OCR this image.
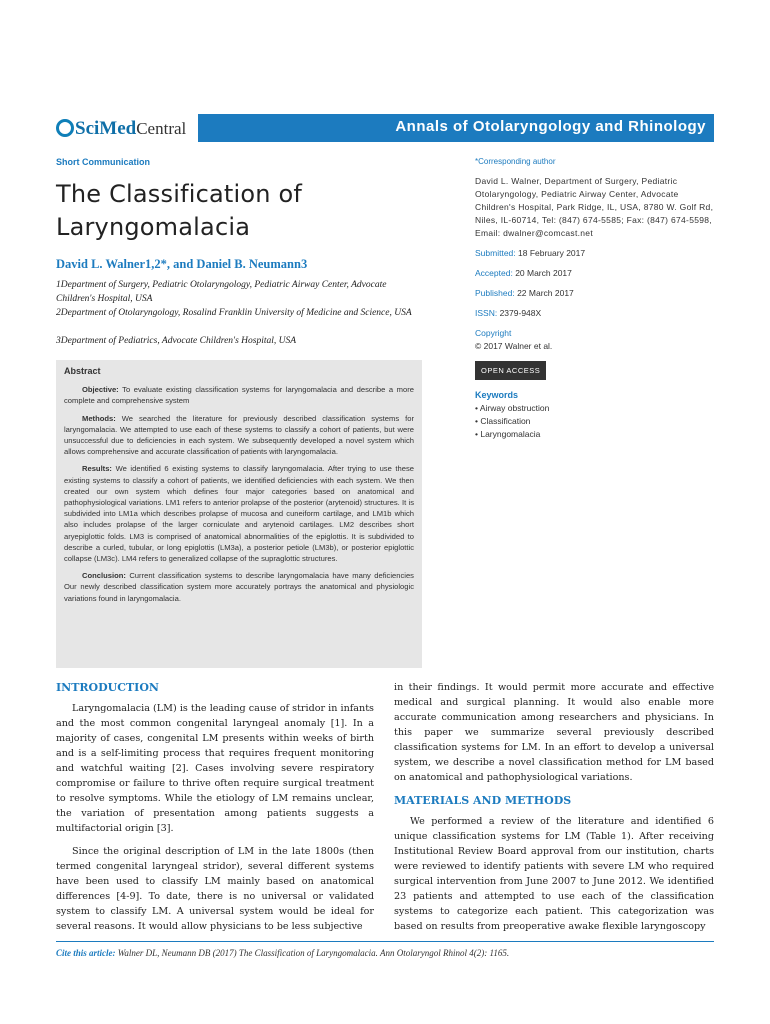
Sci Med Central	Annals of Otolaryngology and Rhinology
Short Communication	*Corresponding author
The Classification of
Laryngomalacia
David L. Walner1,2*, and Daniel B. Neumann3
1Department of Surgery, Pediatric Otolaryngology, Pediatric Airway Center, Advocate Children's Hospital, USA
2Department of Otolaryngology, Rosalind Franklin University of Medicine and Science, USA
3Department of Pediatrics, Advocate Children's Hospital, USA
David L. Walner, Department of Surgery, Pediatric Otolaryngology, Pediatric Airway Center, Advocate Children's Hospital, Park Ridge, IL, USA, 8780 W. Golf Rd, Niles, IL-60714, Tel: (847) 674-5585; Fax: (847) 674-5598, Email: dwalner@comcast.net
Submitted: 18 February 2017
Accepted: 20 March 2017
Published: 22 March 2017
ISSN: 2379-948X
Copyright
© 2017 Walner et al.
OPEN ACCESS
Keywords
• Airway obstruction
• Classification
• Laryngomalacia
Abstract

Objective: To evaluate existing classification systems for laryngomalacia and describe a more complete and comprehensive system

Methods: We searched the literature for previously described classification systems for laryngomalacia. We attempted to use each of these systems to classify a cohort of patients, but were unsuccessful due to deficiencies in each system. We subsequently developed a novel system which allows comprehensive and accurate classification of patients with laryngomalacia.

Results: We identified 6 existing systems to classify laryngomalacia. After trying to use these existing systems to classify a cohort of patients, we identified deficiencies with each system. We then created our own system which defines four major categories based on anatomical and pathophysiological variations. LM1 refers to anterior prolapse of the posterior (arytenoid) structures. It is subdivided into LM1a which describes prolapse of mucosa and cuneiform cartilage, and LM1b which also includes prolapse of the larger corniculate and arytenoid cartilages. LM2 describes short aryepiglottic folds. LM3 is comprised of anatomical abnormalities of the epiglottis. It is subdivided to describe a curled, tubular, or long epiglottis (LM3a), a posterior petiole (LM3b), or posterior epiglottic collapse (LM3c). LM4 refers to generalized collapse of the supraglottic structures.

Conclusion: Current classification systems to describe laryngomalacia have many deficiencies Our newly described classification system more accurately portrays the anatomical and physiologic variations found in laryngomalacia.

INTRODUCTION

Laryngomalacia (LM) is the leading cause of stridor in infants and the most common congenital laryngeal anomaly [1]. In a majority of cases, congenital LM presents within weeks of birth and is a self-limiting process that requires frequent monitoring and watchful waiting [2]. Cases involving severe respiratory compromise or failure to thrive often require surgical treatment to resolve symptoms. While the etiology of LM remains unclear, the variation of presentation among patients suggests a multifactorial origin [3].

Since the original description of LM in the late 1800s (then termed congenital laryngeal stridor), several different systems have been used to classify LM mainly based on anatomical differences [4-9]. To date, there is no universal or validated system to classify LM. A universal system would be ideal for several reasons. It would allow physicians to be less subjective

in their findings. It would permit more accurate and effective medical and surgical planning. It would also enable more accurate communication among researchers and physicians. In this paper we summarize several previously described classification systems for LM. In an effort to develop a universal system, we describe a novel classification method for LM based on anatomical and pathophysiological variations.

MATERIALS AND METHODS

We performed a review of the literature and identified 6 unique classification systems for LM (Table 1). After receiving Institutional Review Board approval from our institution, charts were reviewed to identify patients with severe LM who required surgical intervention from June 2007 to June 2012. We identified 23 patients and attempted to use each of the classification systems to categorize each patient. This categorization was based on results from preoperative awake flexible laryngoscopy

Cite this article: Walner DL, Neumann DB (2017) The Classification of Laryngomalacia. Ann Otolaryngol Rhinol 4(2): 1165.
